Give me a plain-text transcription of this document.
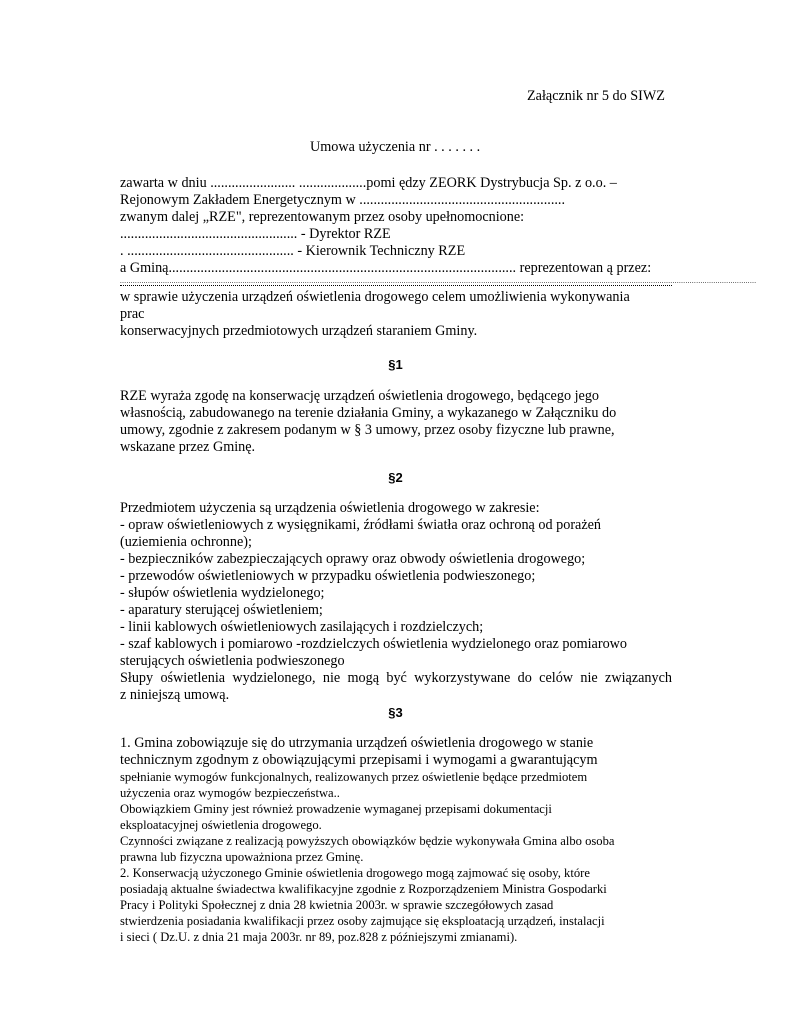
Załącznik nr 5 do SIWZ
Umowa użyczenia nr . . . . . . .
zawarta w dniu ........................ ...................pomi ędzy ZEORK Dystrybucja Sp. z o.o. –
Rejonowym Zakładem Energetycznym w ..........................................................
zwanym dalej „RZE", reprezentowanym przez osoby upełnomocnione:
.................................................. - Dyrektor RZE
. ............................................... - Kierownik Techniczny RZE
a Gminą.................................................................................................. reprezentowan ą przez:
........................................................................................................................................................................................................................................................................................................
w sprawie użyczenia urządzeń oświetlenia drogowego celem umożliwienia wykonywania
prac
konserwacyjnych przedmiotowych urządzeń staraniem Gminy.
§1
RZE wyraża zgodę na konserwację urządzeń oświetlenia drogowego, będącego jego
własnością, zabudowanego na terenie działania Gminy, a wykazanego w Załączniku do
umowy, zgodnie z zakresem podanym w § 3 umowy, przez osoby fizyczne lub prawne,
wskazane przez Gminę.
§2
Przedmiotem użyczenia są urządzenia oświetlenia drogowego w zakresie:
- opraw oświetleniowych z wysięgnikami, źródłami światła oraz ochroną od porażeń
(uziemienia ochronne);
- bezpieczników zabezpieczających oprawy oraz obwody oświetlenia drogowego;
- przewodów oświetleniowych w przypadku oświetlenia podwieszonego;
- słupów oświetlenia wydzielonego;
- aparatury sterującej oświetleniem;
- linii kablowych oświetleniowych zasilających i rozdzielczych;
- szaf kablowych i pomiarowo -rozdzielczych oświetlenia wydzielonego oraz pomiarowo
sterujących oświetlenia podwieszonego
Słupy oświetlenia wydzielonego, nie mogą być wykorzystywane do celów nie związanych
z niniejszą umową.
§3
1. Gmina zobowiązuje się do utrzymania urządzeń oświetlenia drogowego w stanie
technicznym zgodnym z obowiązującymi przepisami i wymogami a gwarantującym
spełnianie wymogów funkcjonalnych, realizowanych przez oświetlenie będące przedmiotem
użyczenia oraz wymogów bezpieczeństwa..
Obowiązkiem Gminy jest również prowadzenie wymaganej przepisami dokumentacji
eksploatacyjnej oświetlenia drogowego.
Czynności związane z realizacją powyższych obowiązków będzie wykonywała Gmina albo osoba
prawna lub fizyczna upoważniona przez Gminę.
2. Konserwacją użyczonego Gminie oświetlenia drogowego mogą zajmować się osoby, które
posiadają aktualne świadectwa kwalifikacyjne zgodnie z Rozporządzeniem Ministra Gospodarki
Pracy i Polityki Społecznej z dnia 28 kwietnia 2003r. w sprawie szczegółowych zasad
stwierdzenia posiadania kwalifikacji przez osoby zajmujące się eksploatacją urządzeń, instalacji
i sieci ( Dz.U. z dnia 21 maja 2003r. nr 89, poz.828 z późniejszymi zmianami).
